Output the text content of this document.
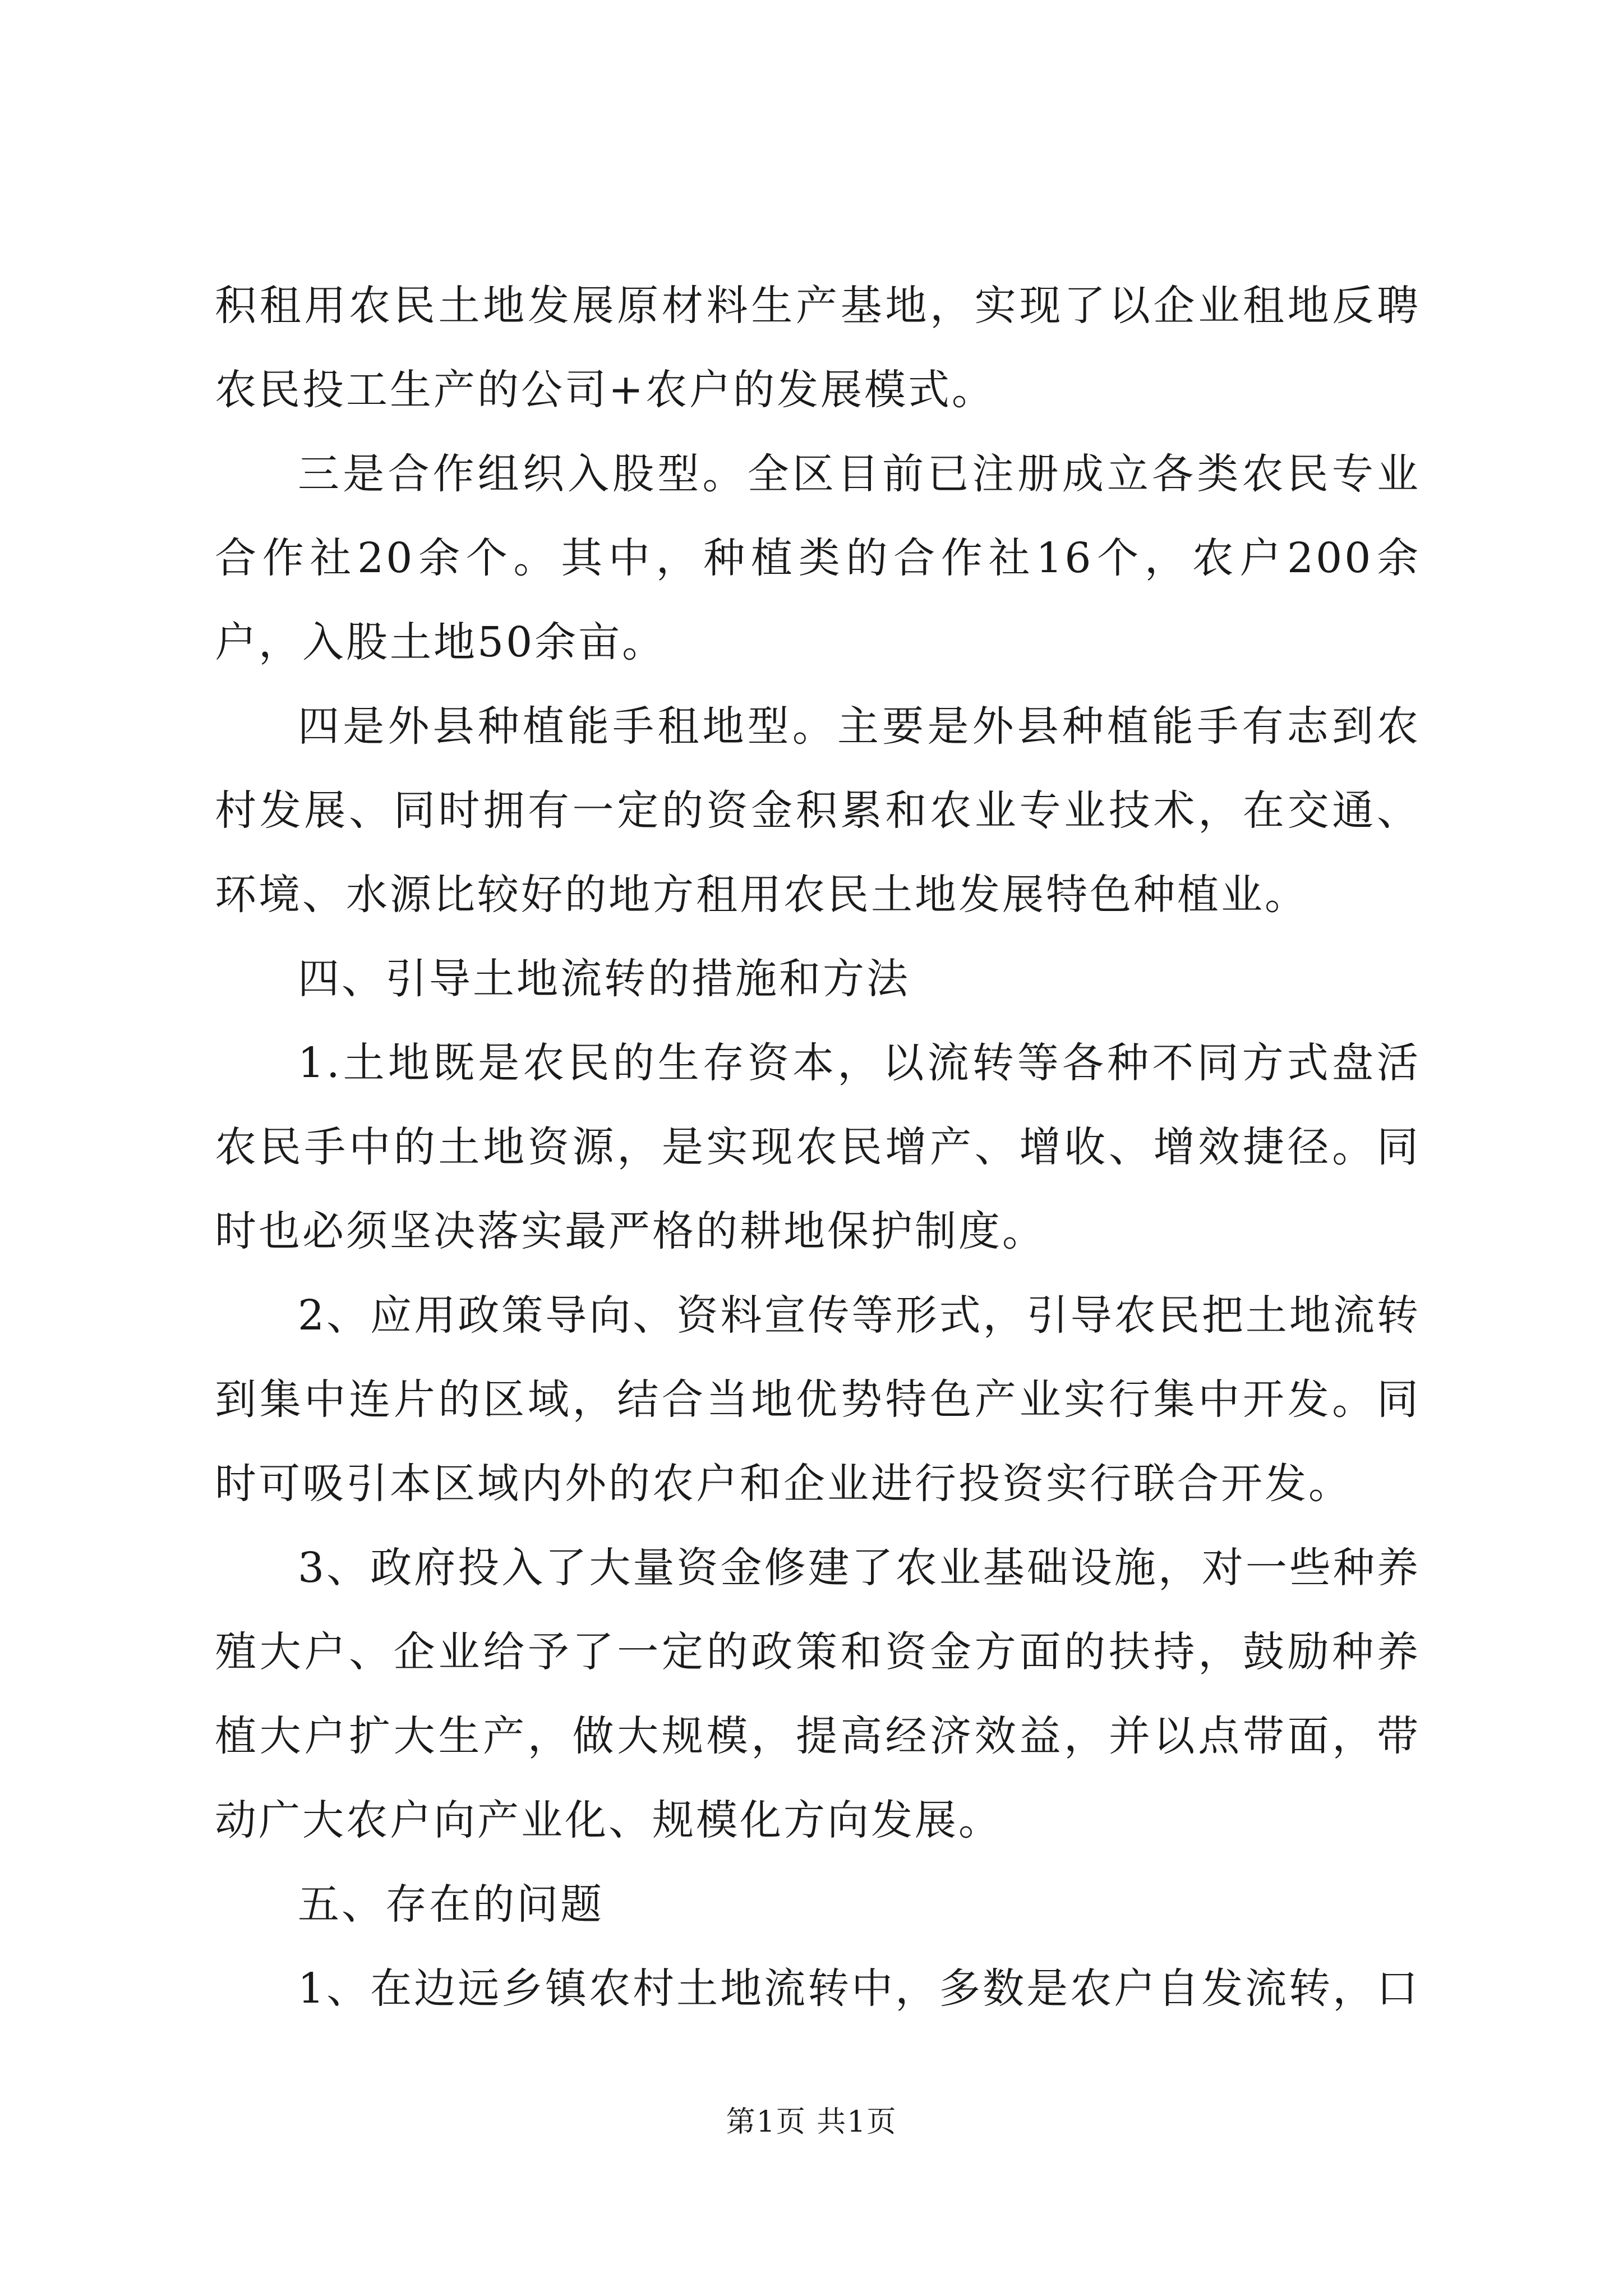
积租用农民土地发展原材料生产基地，实现了以企业租地反聘农民投工生产的公司+农户的发展模式。

三是合作组织入股型。全区目前已注册成立各类农民专业合作社20余个。其中，种植类的合作社16个，农户200余户，入股土地50余亩。

四是外县种植能手租地型。主要是外县种植能手有志到农村发展、同时拥有一定的资金积累和农业专业技术，在交通、环境、水源比较好的地方租用农民土地发展特色种植业。

四、引导土地流转的措施和方法

1.土地既是农民的生存资本，以流转等各种不同方式盘活农民手中的土地资源，是实现农民增产、增收、增效捷径。同时也必须坚决落实最严格的耕地保护制度。

2、应用政策导向、资料宣传等形式，引导农民把土地流转到集中连片的区域，结合当地优势特色产业实行集中开发。同时可吸引本区域内外的农户和企业进行投资实行联合开发。

3、政府投入了大量资金修建了农业基础设施，对一些种养殖大户、企业给予了一定的政策和资金方面的扶持，鼓励种养植大户扩大生产，做大规模，提高经济效益，并以点带面，带动广大农户向产业化、规模化方向发展。

五、存在的问题

1、在边远乡镇农村土地流转中，多数是农户自发流转，口

第1页 共1页
